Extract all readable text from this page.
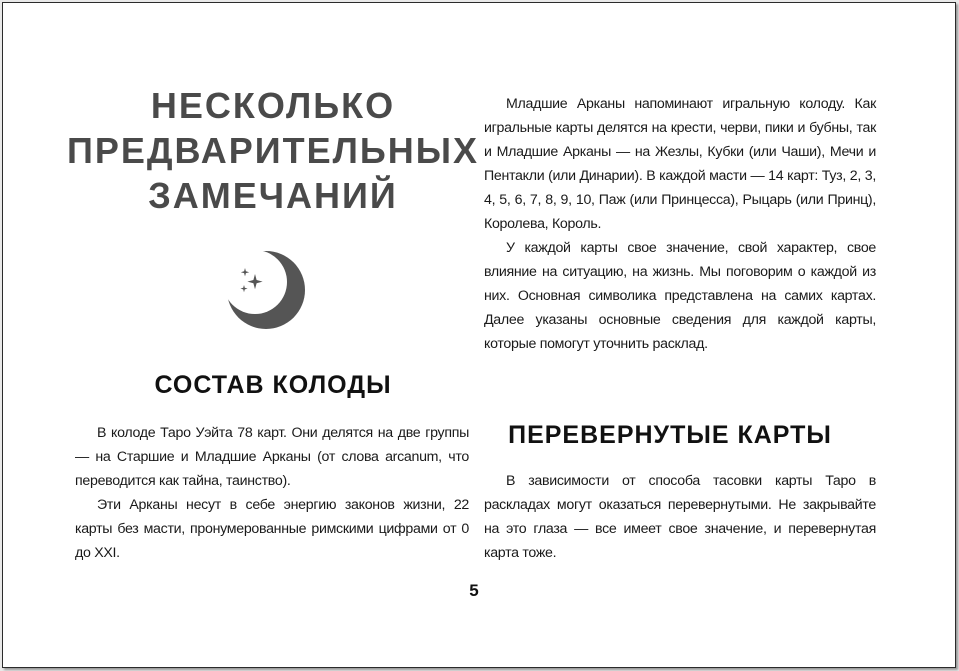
НЕСКОЛЬКО
ПРЕДВАРИТЕЛЬНЫХ
ЗАМЕЧАНИЙ
СОСТАВ КОЛОДЫ

В колоде Таро Уэйта 78 карт. Они делятся на две группы — на Старшие и Младшие Арканы (от слова arcanum, что переводится как тайна, таинство).

Эти Арканы несут в себе энергию законов жизни, 22 карты без масти, пронумерованные римскими цифрами от 0 до XXI.

Младшие Арканы напоминают игральную колоду. Как игральные карты делятся на крести, черви, пики и бубны, так и Младшие Арканы — на Жезлы, Кубки (или Чаши), Мечи и Пентакли (или Динарии). В каждой масти — 14 карт: Туз, 2, 3, 4, 5, 6, 7, 8, 9, 10, Паж (или Принцесса), Рыцарь (или Принц), Королева, Король.

У каждой карты свое значение, свой характер, свое влияние на ситуацию, на жизнь. Мы поговорим о каждой из них. Основная символика представлена на самих картах. Далее указаны основные сведения для каждой карты, которые помогут уточнить расклад.

ПЕРЕВЕРНУТЫЕ КАРТЫ

В зависимости от способа тасовки карты Таро в раскладах могут оказаться перевернутыми. Не закрывайте на это глаза — все имеет свое значение, и перевернутая карта тоже.

5
